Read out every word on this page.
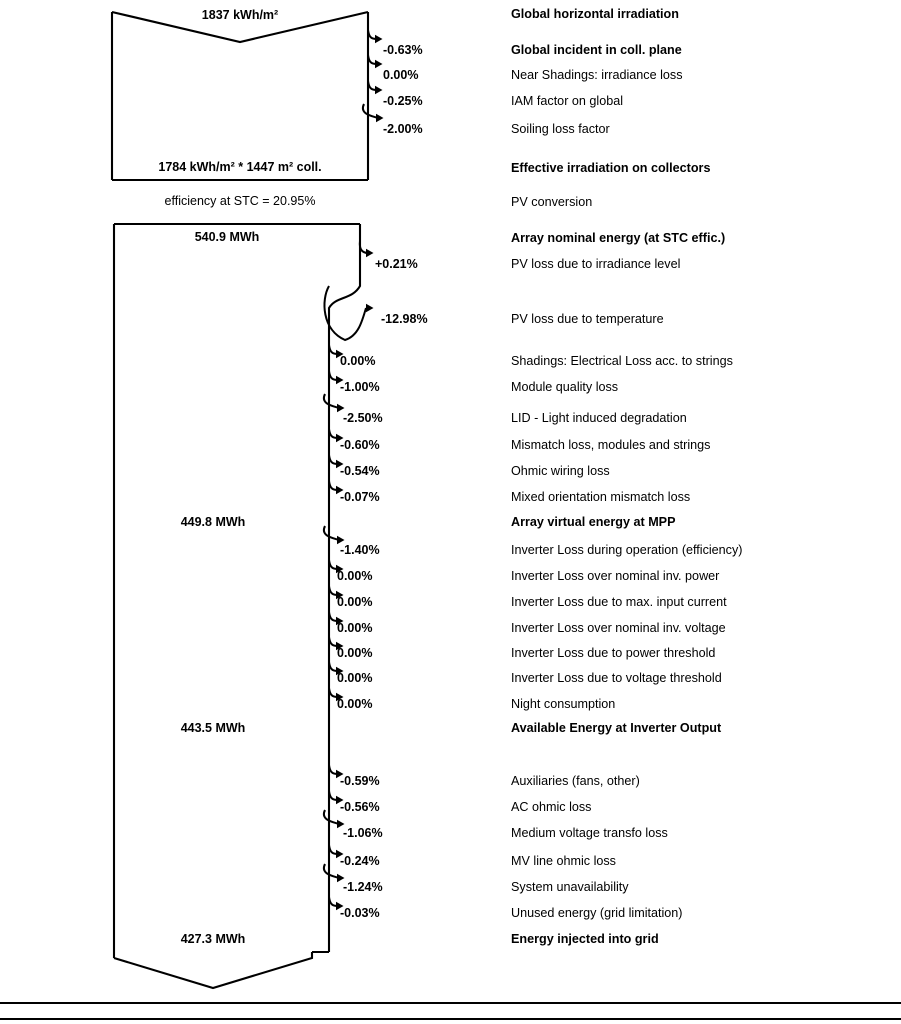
1837 kWh/m²
1784 kWh/m² * 1447 m² coll.
efficiency at STC = 20.95%
540.9 MWh
449.8 MWh
443.5 MWh
427.3 MWh
-0.63%
0.00%
-0.25%
-2.00%
+0.21%
-12.98%
0.00%
-1.00%
-2.50%
-0.60%
-0.54%
-0.07%
-1.40%
0.00%
0.00%
0.00%
0.00%
0.00%
0.00%
-0.59%
-0.56%
-1.06%
-0.24%
-1.24%
-0.03%
Global horizontal irradiation
Effective irradiation on collectors
PV conversion
Array nominal energy (at STC effic.)
Array virtual energy at MPP
Available Energy at Inverter Output
Energy injected into grid
Global incident in coll. plane
Near Shadings: irradiance loss
IAM factor on global
Soiling loss factor
PV loss due to irradiance level
PV loss due to temperature
Shadings: Electrical Loss acc. to strings
Module quality loss
LID - Light induced degradation
Mismatch loss, modules and strings
Ohmic wiring loss
Mixed orientation mismatch loss
Inverter Loss during operation (efficiency)
Inverter Loss over nominal inv. power
Inverter Loss due to max. input current
Inverter Loss over nominal inv. voltage
Inverter Loss due to power threshold
Inverter Loss due to voltage threshold
Night consumption
Auxiliaries (fans, other)
AC ohmic loss
Medium voltage transfo loss
MV line ohmic loss
System unavailability
Unused energy (grid limitation)
